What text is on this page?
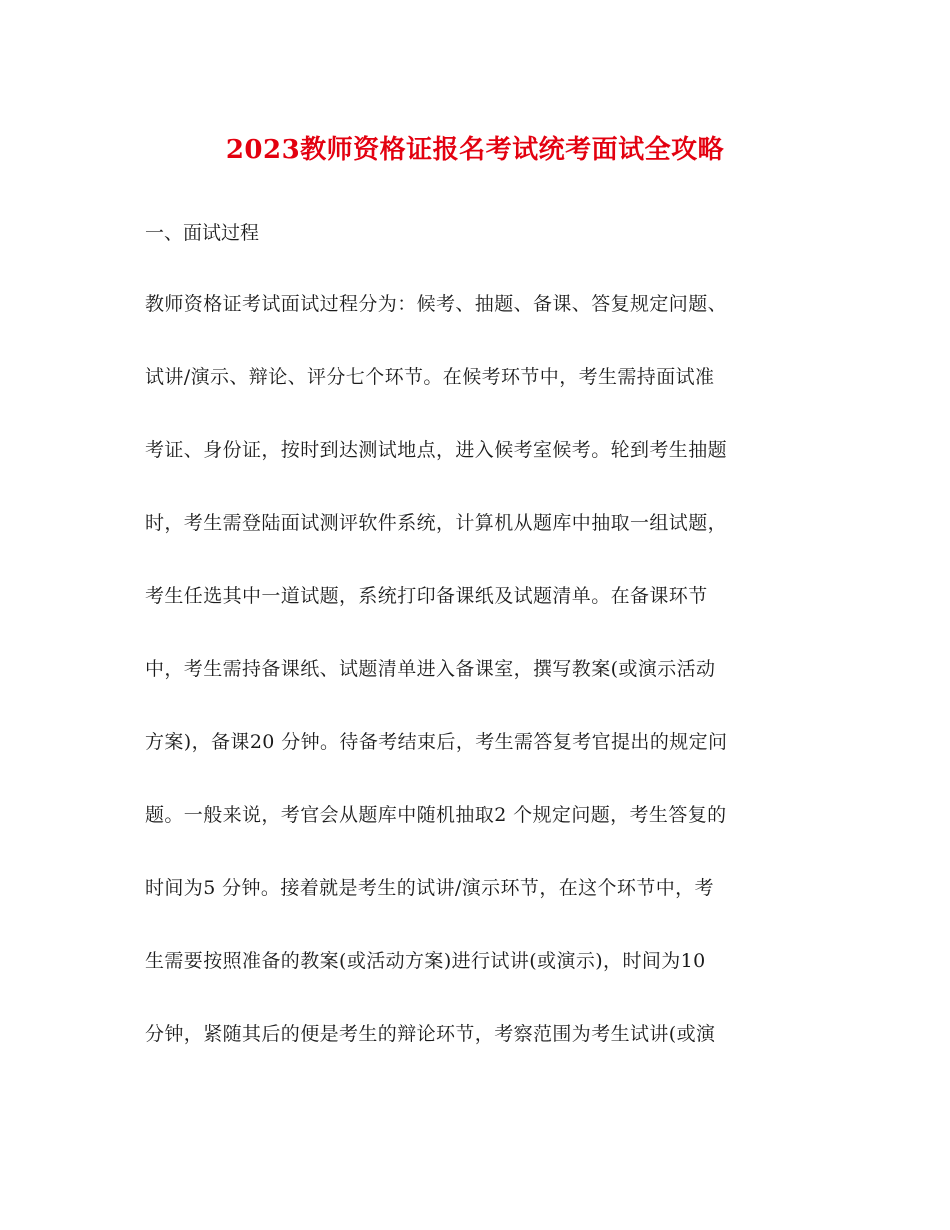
2023教师资格证报名考试统考面试全攻略
一、面试过程
教师资格证考试面试过程分为：候考、抽题、备课、答复规定问题、
试讲/演示、辩论、评分七个环节。在候考环节中，考生需持面试准
考证、身份证，按时到达测试地点，进入候考室候考。轮到考生抽题
时，考生需登陆面试测评软件系统，计算机从题库中抽取一组试题，
考生任选其中一道试题，系统打印备课纸及试题清单。在备课环节
中，考生需持备课纸、试题清单进入备课室，撰写教案(或演示活动
方案)，备课20 分钟。待备考结束后，考生需答复考官提出的规定问
题。一般来说，考官会从题库中随机抽取2 个规定问题，考生答复的
时间为5 分钟。接着就是考生的试讲/演示环节，在这个环节中，考
生需要按照准备的教案(或活动方案)进行试讲(或演示)，时间为10
分钟，紧随其后的便是考生的辩论环节，考察范围为考生试讲(或演
